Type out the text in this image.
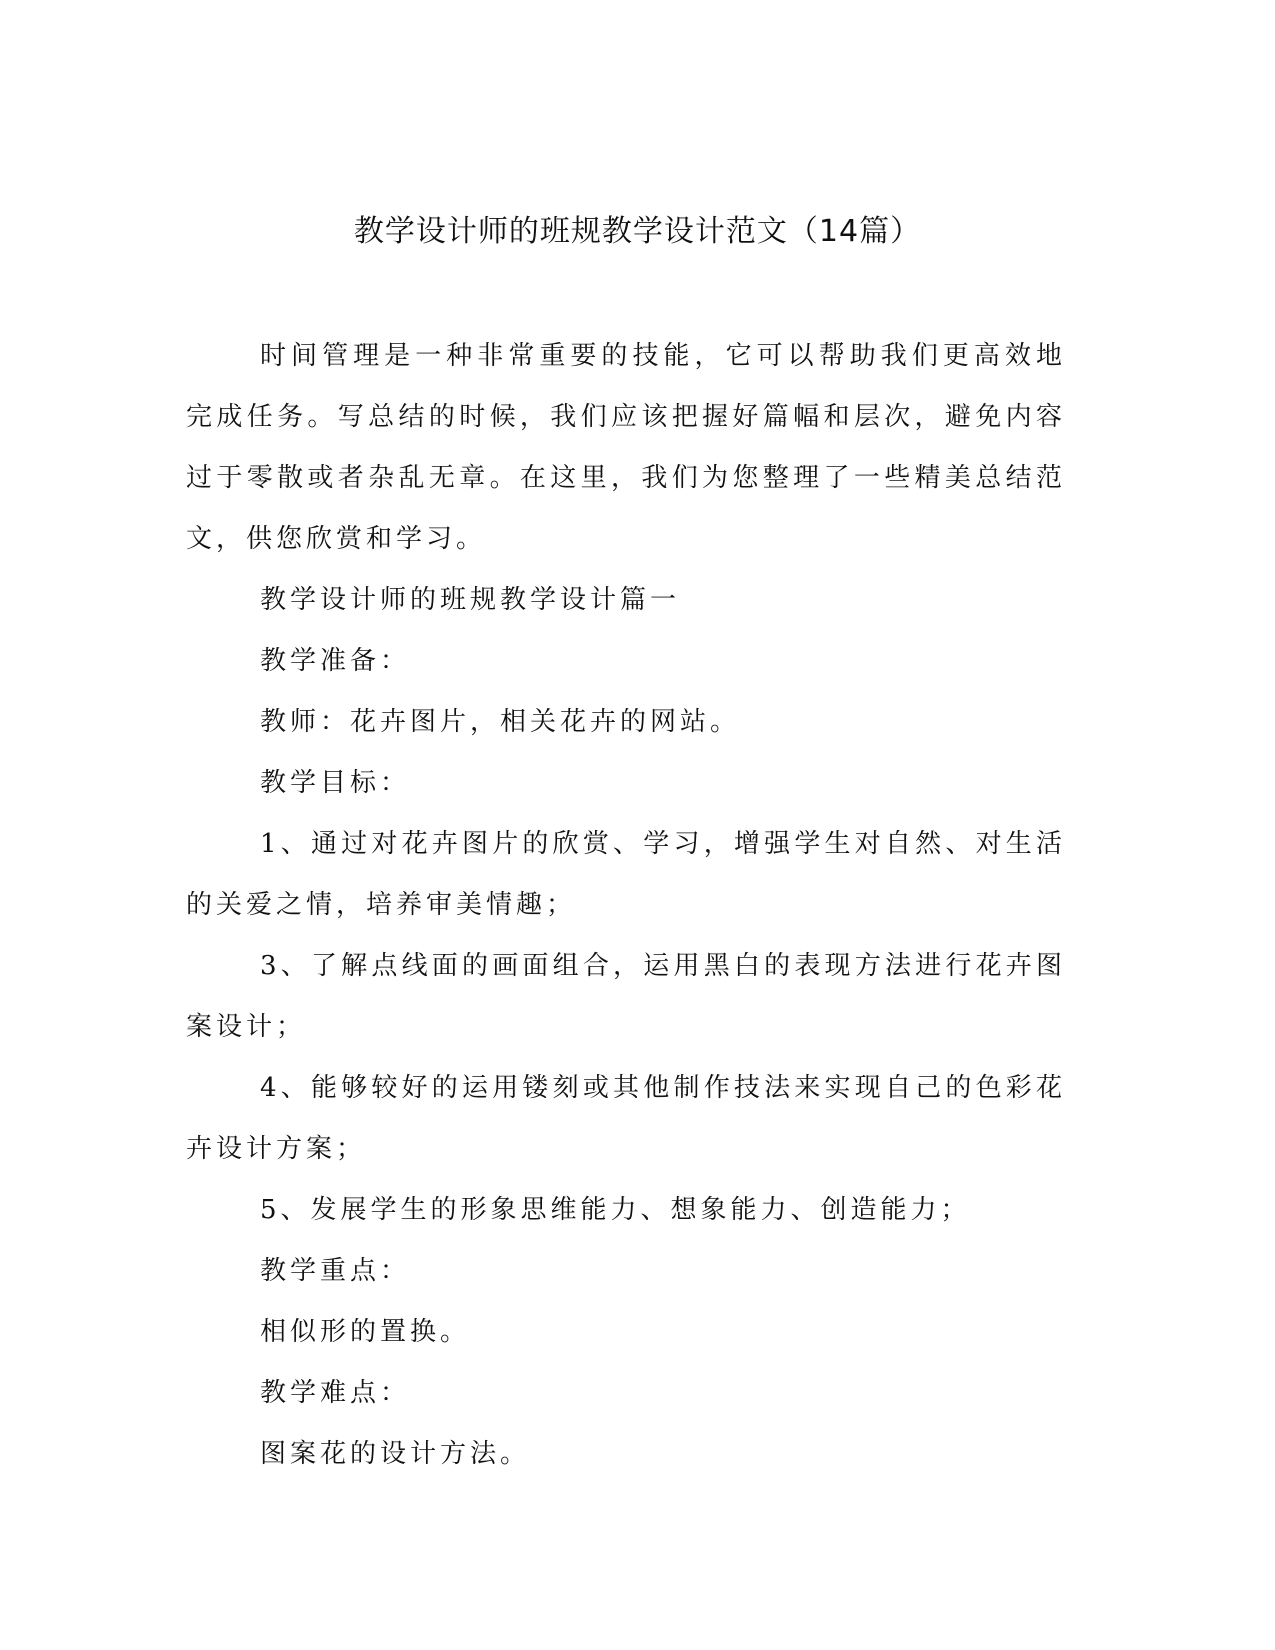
教学设计师的班规教学设计范文（14篇）

时间管理是一种非常重要的技能，它可以帮助我们更高效地完成任务。写总结的时候，我们应该把握好篇幅和层次，避免内容过于零散或者杂乱无章。在这里，我们为您整理了一些精美总结范文，供您欣赏和学习。

教学设计师的班规教学设计篇一

教学准备：

教师：花卉图片，相关花卉的网站。

教学目标：

1、通过对花卉图片的欣赏、学习，增强学生对自然、对生活的关爱之情，培养审美情趣；

3、了解点线面的画面组合，运用黑白的表现方法进行花卉图案设计；

4、能够较好的运用镂刻或其他制作技法来实现自己的色彩花卉设计方案；

5、发展学生的形象思维能力、想象能力、创造能力；

教学重点：

相似形的置换。

教学难点：

图案花的设计方法。
